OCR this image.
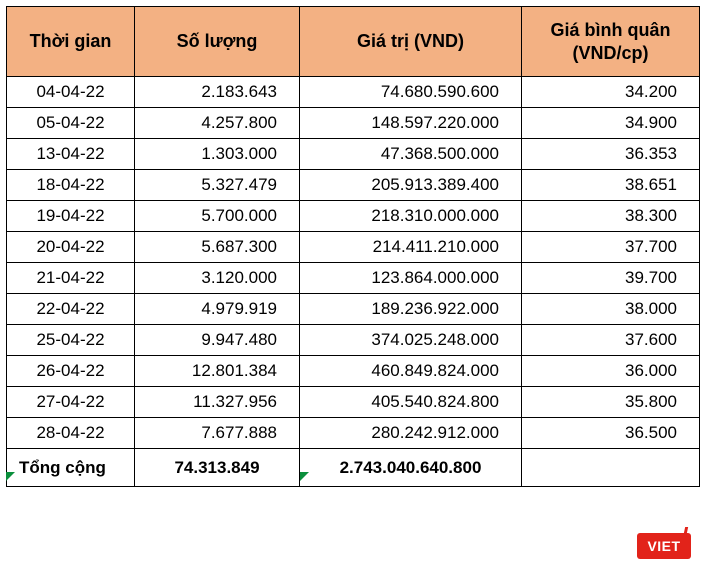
Thời gian	Số lượng	Giá trị (VND)	Giá bình quân
(VND/cp)
04-04-22	2.183.643	74.680.590.600	34.200
05-04-22	4.257.800	148.597.220.000	34.900
13-04-22	1.303.000	47.368.500.000	36.353
18-04-22	5.327.479	205.913.389.400	38.651
19-04-22	5.700.000	218.310.000.000	38.300
20-04-22	5.687.300	214.411.210.000	37.700
21-04-22	3.120.000	123.864.000.000	39.700
22-04-22	4.979.919	189.236.922.000	38.000
25-04-22	9.947.480	374.025.248.000	37.600
26-04-22	12.801.384	460.849.824.000	36.000
27-04-22	11.327.956	405.540.824.800	35.800
28-04-22	7.677.888	280.242.912.000	36.500
Tổng cộng	74.313.849	2.743.040.640.800	
VIET
